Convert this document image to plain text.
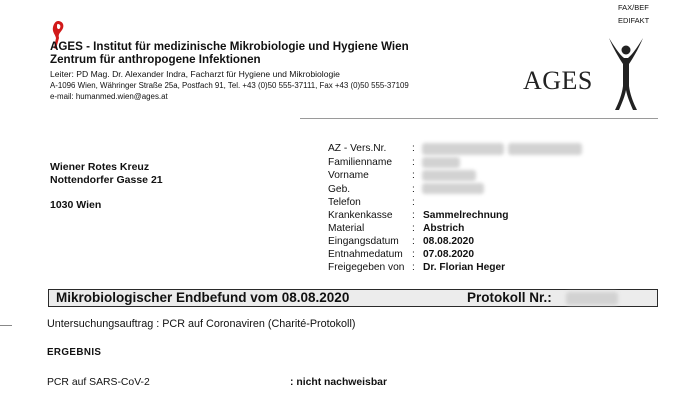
FAX/BEF
EDIFAKT
AGES - Institut für medizinische Mikrobiologie und Hygiene Wien
Zentrum für anthropogene Infektionen
Leiter: PD Mag. Dr. Alexander Indra, Facharzt für Hygiene und Mikrobiologie
A-1096 Wien, Währinger Straße 25a, Postfach 91, Tel. +43 (0)50 555-37111, Fax +43 (0)50 555-37109
e-mail: humanmed.wien@ages.at
AGES
Wiener Rotes Kreuz
Nottendorfer Gasse 21
1030 Wien
AZ - Vers.Nr.	:
Familienname :
Vorname	:
Geb.	:
Telefon	:
Krankenkasse : Sammelrechnung
Material	: Abstrich
Eingangsdatum : 08.08.2020
Entnahmedatum : 07.08.2020
Freigegeben von : Dr. Florian Heger
Mikrobiologischer Endbefund vom 08.08.2020	Protokoll Nr.:
Untersuchungsauftrag : PCR auf Coronaviren (Charité-Protokoll)
ERGEBNIS
PCR auf SARS-CoV-2	: nicht nachweisbar
